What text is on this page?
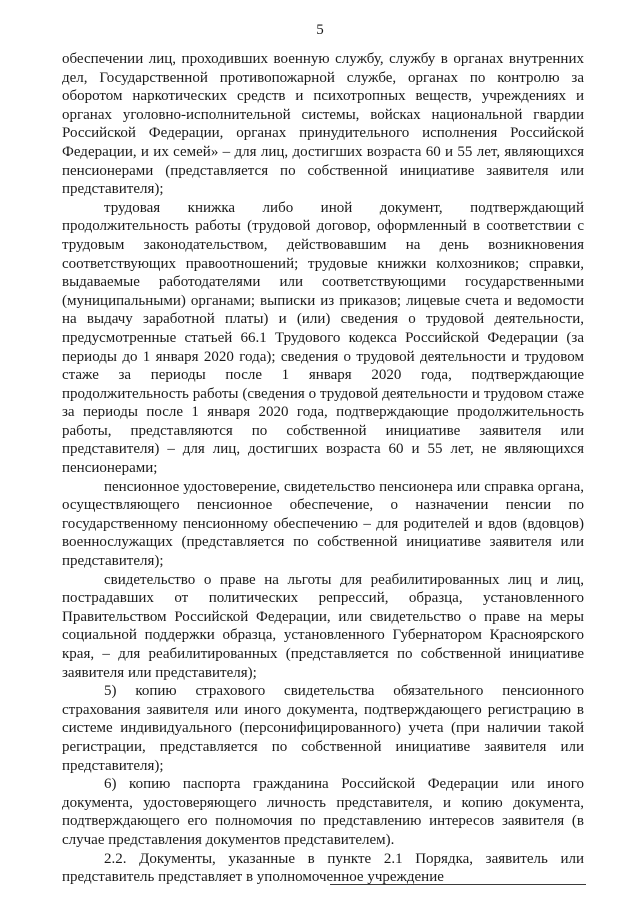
5

обеспечении лиц, проходивших военную службу, службу в органах внутренних дел, Государственной противопожарной службе, органах по контролю за оборотом наркотических средств и психотропных веществ, учреждениях и органах уголовно-исполнительной системы, войсках национальной гвардии Российской Федерации, органах принудительного исполнения Российской Федерации, и их семей» – для лиц, достигших возраста 60 и 55 лет, являющихся пенсионерами (представляется по собственной инициативе заявителя или представителя);

трудовая книжка либо иной документ, подтверждающий продолжительность работы (трудовой договор, оформленный в соответствии с трудовым законодательством, действовавшим на день возникновения соответствующих правоотношений; трудовые книжки колхозников; справки, выдаваемые работодателями или соответствующими государственными (муниципальными) органами; выписки из приказов; лицевые счета и ведомости на выдачу заработной платы) и (или) сведения о трудовой деятельности, предусмотренные статьей 66.1 Трудового кодекса Российской Федерации (за периоды до 1 января 2020 года); сведения о трудовой деятельности и трудовом стаже за периоды после 1 января 2020 года, подтверждающие продолжительность работы (сведения о трудовой деятельности и трудовом стаже за периоды после 1 января 2020 года, подтверждающие продолжительность работы, представляются по собственной инициативе заявителя или представителя) – для лиц, достигших возраста 60 и 55 лет, не являющихся пенсионерами;

пенсионное удостоверение, свидетельство пенсионера или справка органа, осуществляющего пенсионное обеспечение, о назначении пенсии по государственному пенсионному обеспечению – для родителей и вдов (вдовцов) военнослужащих (представляется по собственной инициативе заявителя или представителя);

свидетельство о праве на льготы для реабилитированных лиц и лиц, пострадавших от политических репрессий, образца, установленного Правительством Российской Федерации, или свидетельство о праве на меры социальной поддержки образца, установленного Губернатором Красноярского края, – для реабилитированных (представляется по собственной инициативе заявителя или представителя);

5) копию страхового свидетельства обязательного пенсионного страхования заявителя или иного документа, подтверждающего регистрацию в системе индивидуального (персонифицированного) учета (при наличии такой регистрации, представляется по собственной инициативе заявителя или представителя);

6) копию паспорта гражданина Российской Федерации или иного документа, удостоверяющего личность представителя, и копию документа, подтверждающего его полномочия по представлению интересов заявителя (в случае представления документов представителем).

2.2. Документы, указанные в пункте 2.1 Порядка, заявитель или представитель представляет в уполномоченное учреждение
